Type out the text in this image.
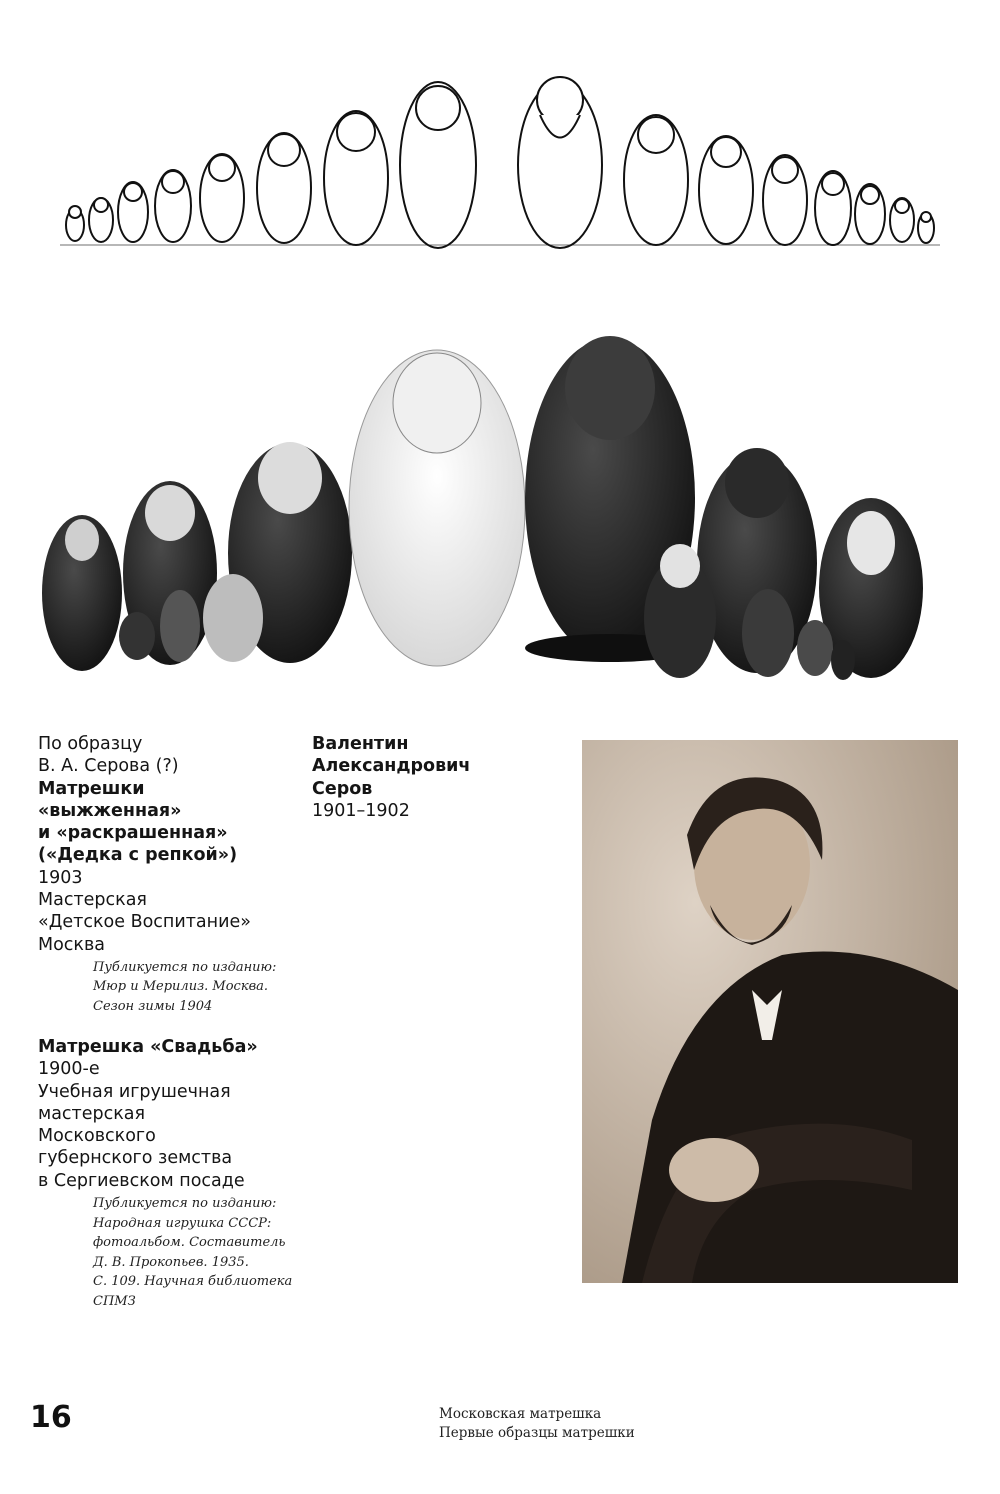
По образцу
В. А. Серова (?)
Матрешки
«выжженная»
и «раскрашенная»
(«Дедка с репкой»)
1903
Мастерская
«Детское Воспитание»
Москва
Публикуется по изданию:
Мюр и Мерилиз. Москва.
Сезон зимы 1904
Матрешка «Свадьба»
1900-е
Учебная игрушечная
мастерская
Московского
губернского земства
в Сергиевском посаде
Публикуется по изданию:
Народная игрушка СССР:
фотоальбом. Составитель
Д. В. Прокопьев. 1935.
С. 109. Научная библиотека
СПМЗ
Валентин
Александрович
Серов
1901–1902
16	Московская матрешка
Первые образцы матрешки
